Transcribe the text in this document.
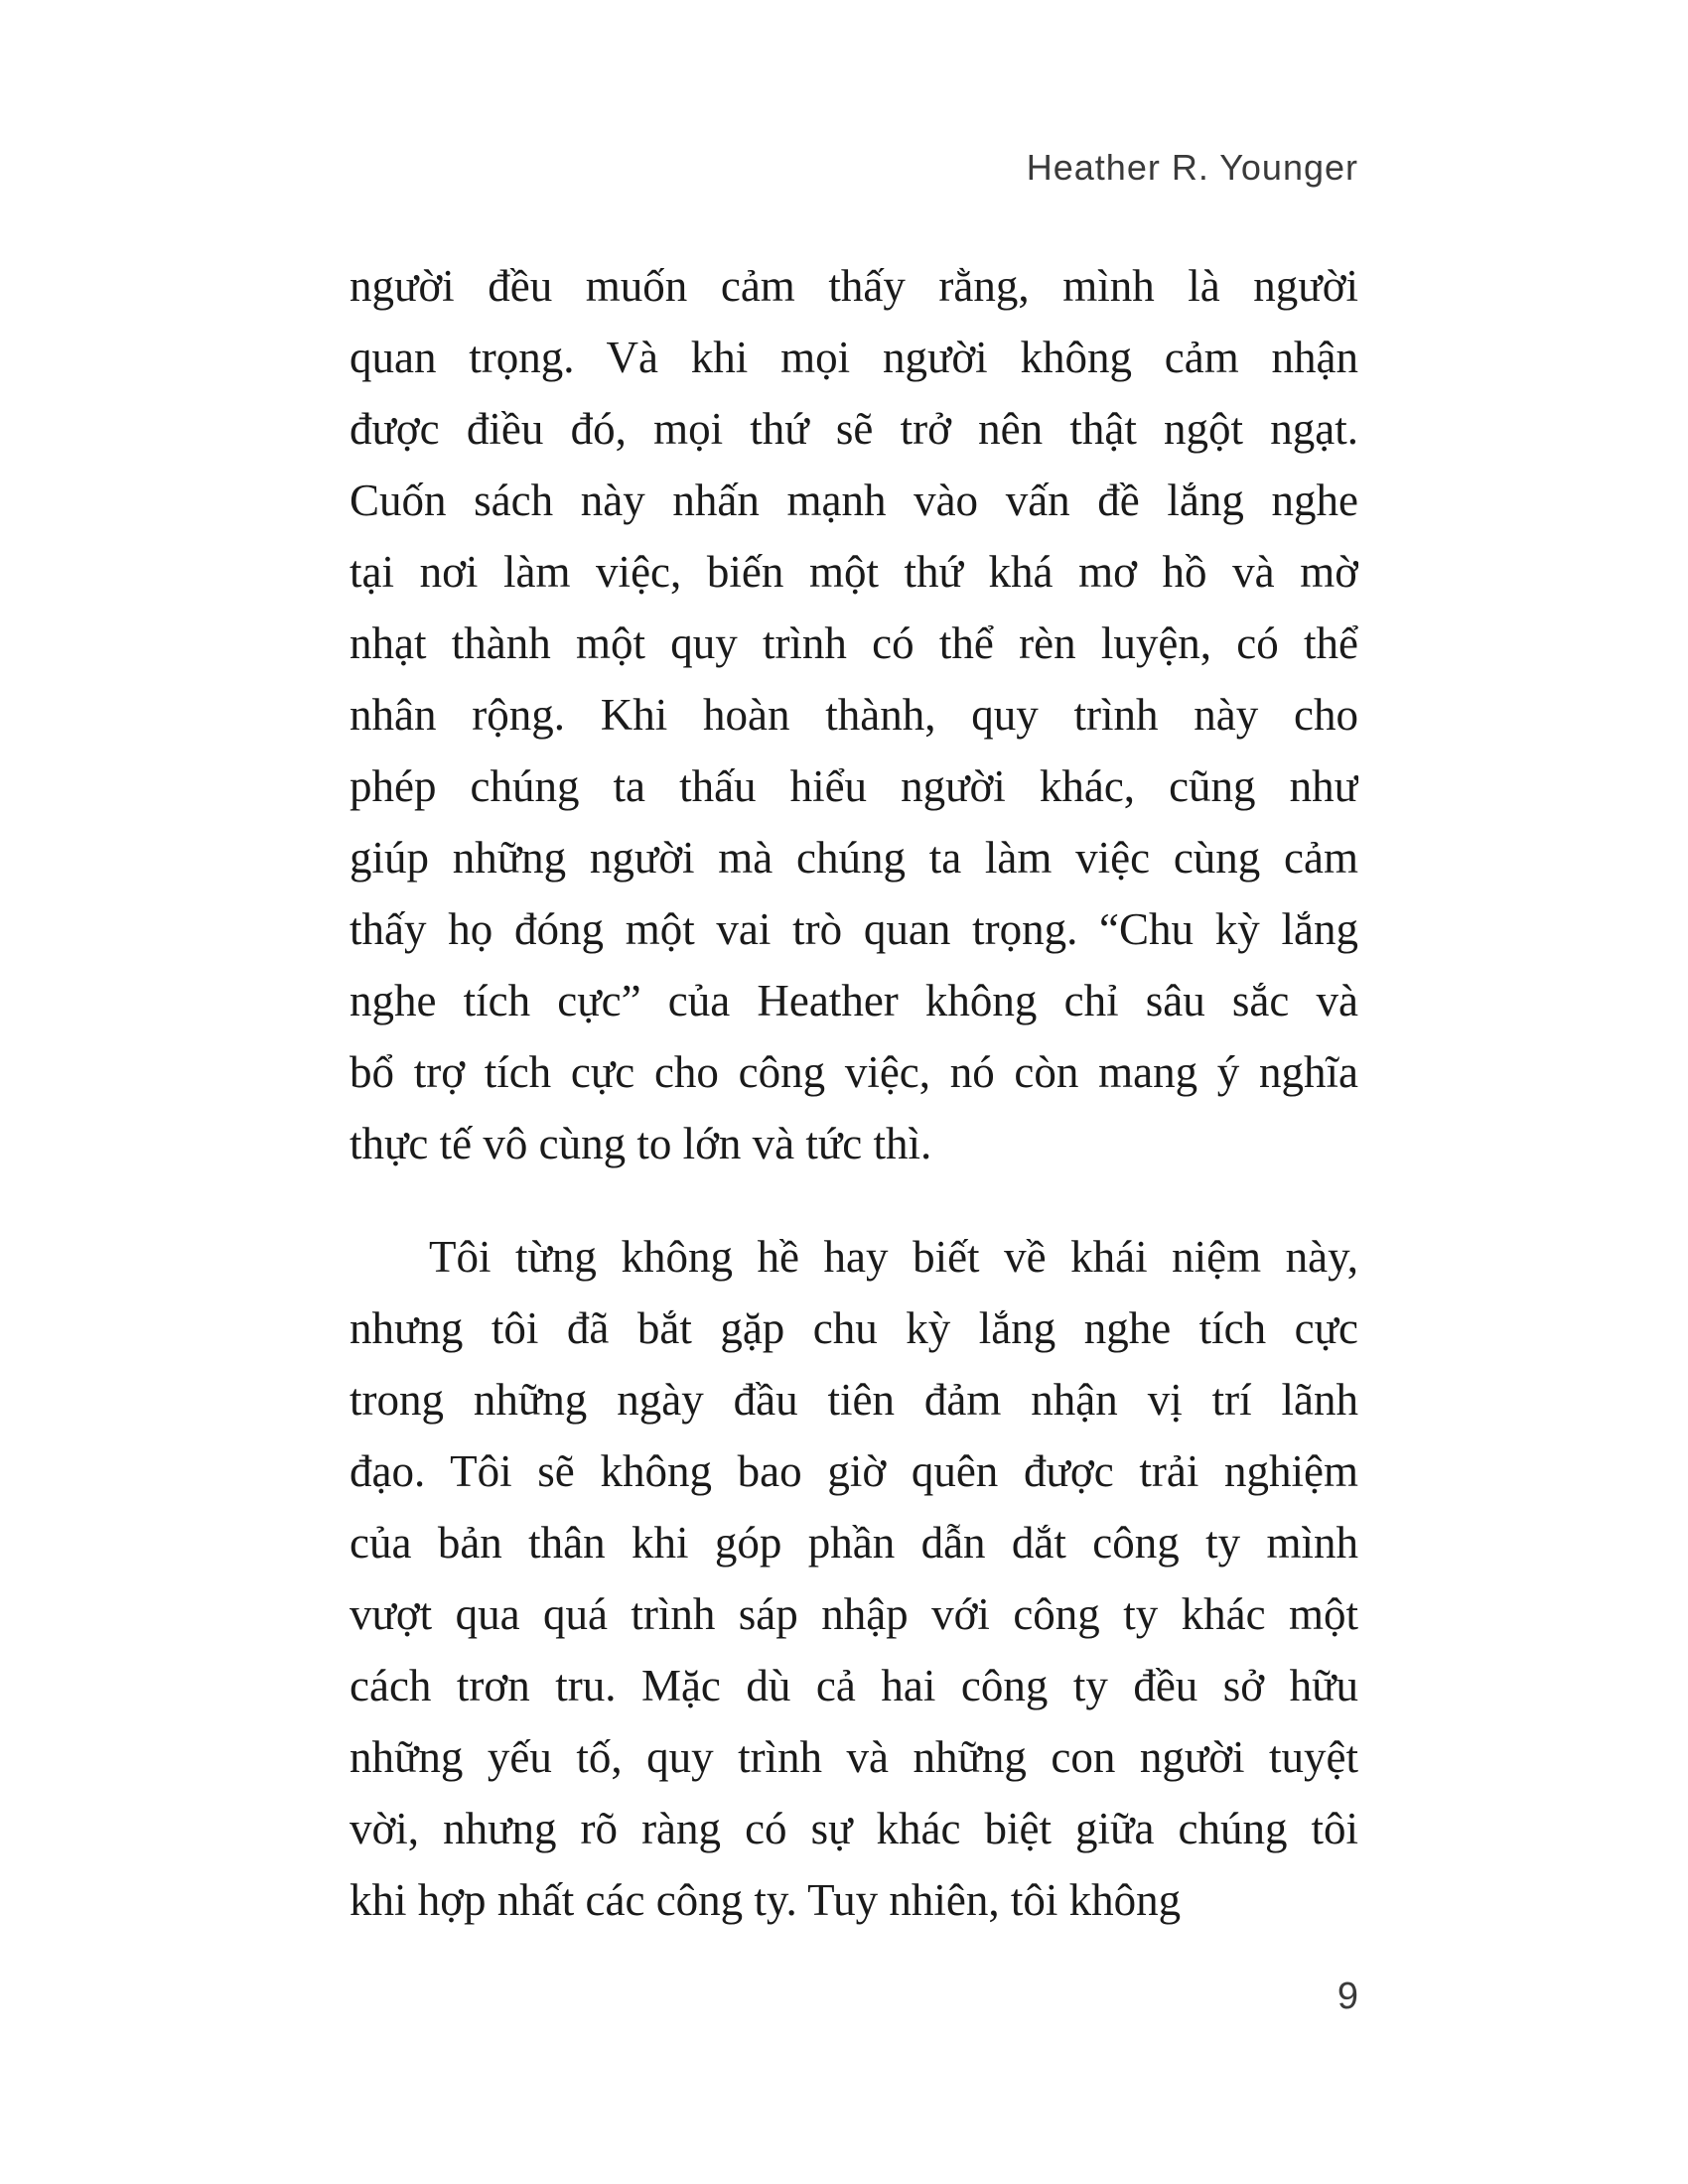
Heather R. Younger
người đều muốn cảm thấy rằng, mình là người
quan trọng. Và khi mọi người không cảm nhận
được điều đó, mọi thứ sẽ trở nên thật ngột ngạt.
Cuốn sách này nhấn mạnh vào vấn đề lắng nghe
tại nơi làm việc, biến một thứ khá mơ hồ và mờ
nhạt thành một quy trình có thể rèn luyện, có thể
nhân rộng. Khi hoàn thành, quy trình này cho
phép chúng ta thấu hiểu người khác, cũng như
giúp những người mà chúng ta làm việc cùng cảm
thấy họ đóng một vai trò quan trọng. “Chu kỳ lắng
nghe tích cực” của Heather không chỉ sâu sắc và
bổ trợ tích cực cho công việc, nó còn mang ý nghĩa
thực tế vô cùng to lớn và tức thì.
Tôi từng không hề hay biết về khái niệm này,
nhưng tôi đã bắt gặp chu kỳ lắng nghe tích cực
trong những ngày đầu tiên đảm nhận vị trí lãnh
đạo. Tôi sẽ không bao giờ quên được trải nghiệm
của bản thân khi góp phần dẫn dắt công ty mình
vượt qua quá trình sáp nhập với công ty khác một
cách trơn tru. Mặc dù cả hai công ty đều sở hữu
những yếu tố, quy trình và những con người tuyệt
vời, nhưng rõ ràng có sự khác biệt giữa chúng tôi
khi hợp nhất các công ty. Tuy nhiên, tôi không
9
